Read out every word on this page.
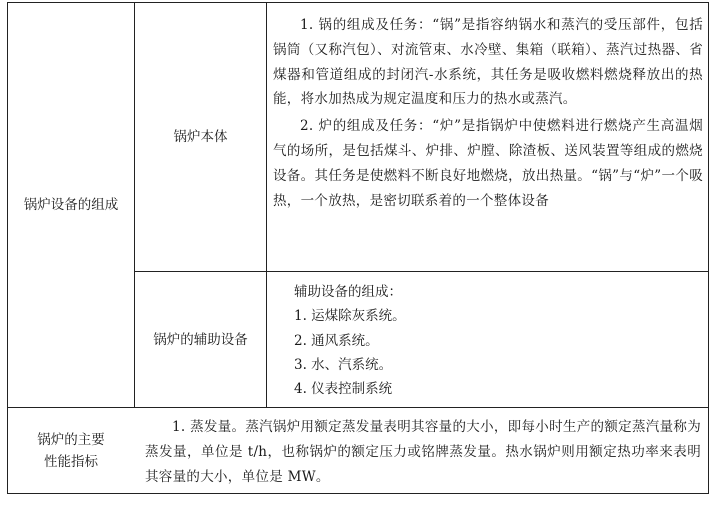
锅炉设备的组成
锅炉本体

1. 锅的组成及任务：“锅”是指容纳锅水和蒸汽的受压部件，包括锅筒（又称汽包）、对流管束、水冷壁、集箱（联箱）、蒸汽过热器、省煤器和管道组成的封闭汽-水系统，其任务是吸收燃料燃烧释放出的热能，将水加热成为规定温度和压力的热水或蒸汽。

2. 炉的组成及任务：“炉”是指锅炉中使燃料进行燃烧产生高温烟气的场所，是包括煤斗、炉排、炉膛、除渣板、送风装置等组成的燃烧设备。其任务是使燃料不断良好地燃烧，放出热量。“锅”与“炉”一个吸热，一个放热，是密切联系着的一个整体设备

锅炉的辅助设备
辅助设备的组成：
1. 运煤除灰系统。
2. 通风系统。
3. 水、汽系统。
4. 仪表控制系统
锅炉的主要
性能指标

1. 蒸发量。蒸汽锅炉用额定蒸发量表明其容量的大小，即每小时生产的额定蒸汽量称为蒸发量，单位是 t/h，也称锅炉的额定压力或铭牌蒸发量。热水锅炉则用额定热功率来表明其容量的大小，单位是 MW。
